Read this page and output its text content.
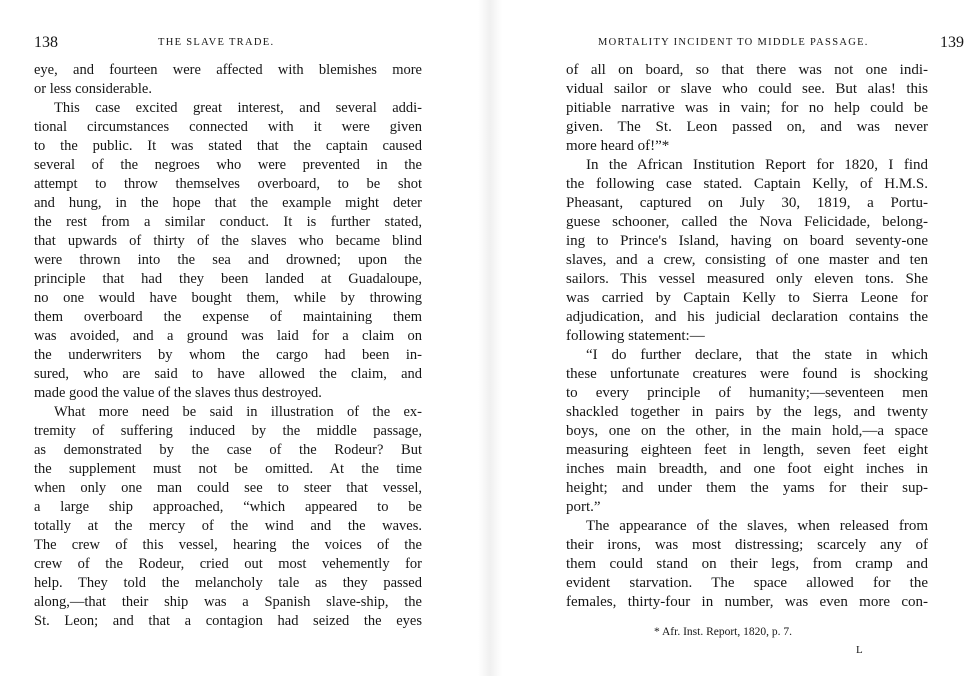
138	THE SLAVE TRADE.
eye, and fourteen were affected with blemishes more
or less considerable.
This case excited great interest, and several addi-
tional circumstances connected with it were given
to the public. It was stated that the captain caused
several of the negroes who were prevented in the
attempt to throw themselves overboard, to be shot
and hung, in the hope that the example might deter
the rest from a similar conduct. It is further stated,
that upwards of thirty of the slaves who became blind
were thrown into the sea and drowned; upon the
principle that had they been landed at Guadaloupe,
no one would have bought them, while by throwing
them overboard the expense of maintaining them
was avoided, and a ground was laid for a claim on
the underwriters by whom the cargo had been in-
sured, who are said to have allowed the claim, and
made good the value of the slaves thus destroyed.
What more need be said in illustration of the ex-
tremity of suffering induced by the middle passage,
as demonstrated by the case of the Rodeur? But
the supplement must not be omitted. At the time
when only one man could see to steer that vessel,
a large ship approached, “which appeared to be
totally at the mercy of the wind and the waves.
The crew of this vessel, hearing the voices of the
crew of the Rodeur, cried out most vehemently for
help. They told the melancholy tale as they passed
along,—that their ship was a Spanish slave-ship, the
St. Leon; and that a contagion had seized the eyes
MORTALITY INCIDENT TO MIDDLE PASSAGE.	139
of all on board, so that there was not one indi-
vidual sailor or slave who could see. But alas! this
pitiable narrative was in vain; for no help could be
given. The St. Leon passed on, and was never
more heard of!”*
In the African Institution Report for 1820, I find
the following case stated. Captain Kelly, of H.M.S.
Pheasant, captured on July 30, 1819, a Portu-
guese schooner, called the Nova Felicidade, belong-
ing to Prince's Island, having on board seventy-one
slaves, and a crew, consisting of one master and ten
sailors. This vessel measured only eleven tons. She
was carried by Captain Kelly to Sierra Leone for
adjudication, and his judicial declaration contains the
following statement:—
“I do further declare, that the state in which
these unfortunate creatures were found is shocking
to every principle of humanity;—seventeen men
shackled together in pairs by the legs, and twenty
boys, one on the other, in the main hold,—a space
measuring eighteen feet in length, seven feet eight
inches main breadth, and one foot eight inches in
height; and under them the yams for their sup-
port.”
The appearance of the slaves, when released from
their irons, was most distressing; scarcely any of
them could stand on their legs, from cramp and
evident starvation. The space allowed for the
females, thirty-four in number, was even more con-
* Afr. Inst. Report, 1820, p. 7.
L
